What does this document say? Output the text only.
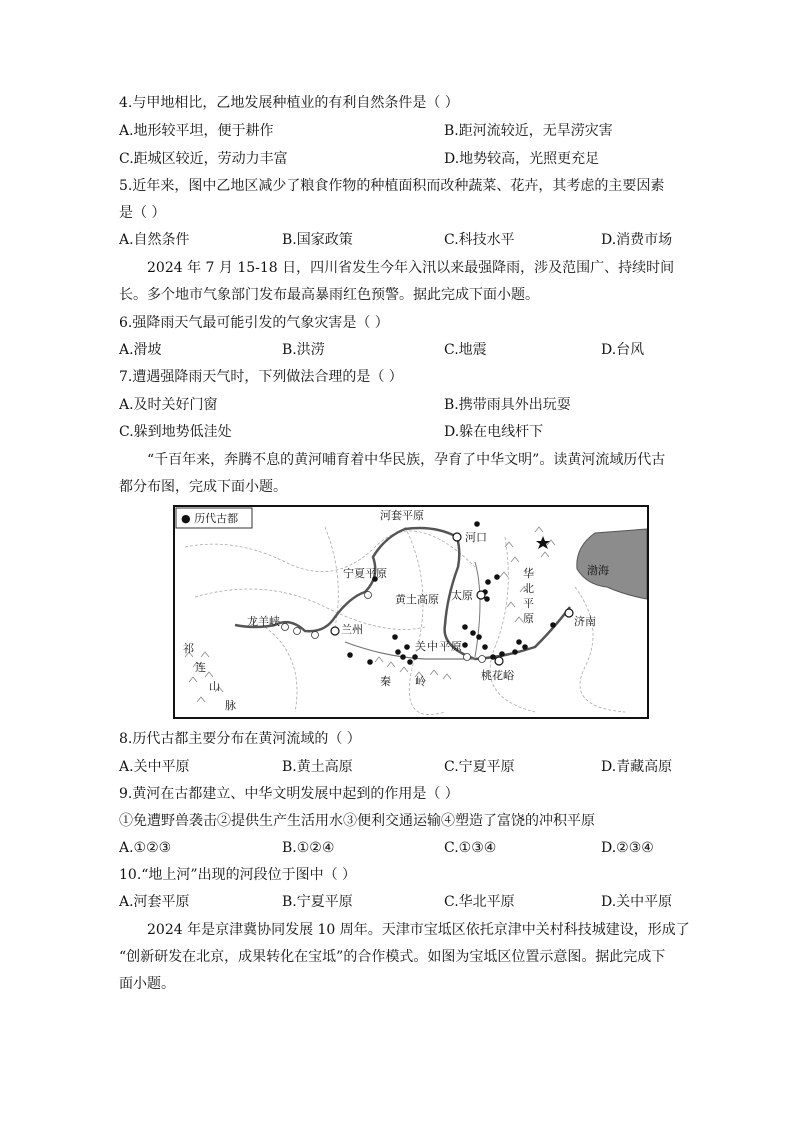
4.与甲地相比，乙地发展种植业的有利自然条件是（ ）
A.地形较平坦，便于耕作	B.距河流较近，无旱涝灾害
C.距城区较近，劳动力丰富	D.地势较高，光照更充足
5.近年来，图中乙地区减少了粮食作物的种植面积而改种蔬菜、花卉，其考虑的主要因素
是（ ）
A.自然条件	B.国家政策	C.科技水平	D.消费市场
2024 年 7 月 15-18 日，四川省发生今年入汛以来最强降雨，涉及范围广、持续时间
长。多个地市气象部门发布最高暴雨红色预警。据此完成下面小题。
6.强降雨天气最可能引发的气象灾害是（ ）
A.滑坡	B.洪涝	C.地震	D.台风
7.遭遇强降雨天气时，下列做法合理的是（ ）
A.及时关好门窗	B.携带雨具外出玩耍
C.躲到地势低洼处	D.躲在电线杆下
“千百年来，奔腾不息的黄河哺育着中华民族，孕育了中华文明”。读黄河流域历代古
都分布图，完成下面小题。
● 历代古都	河套平原
河口
宁夏平原
黄土高原 太原
华
北
平
原
渤海
济南
龙羊峡
兰州
关 中 平 原
秦 岭	桃花峪
祁
连
山
脉
8.历代古都主要分布在黄河流域的（ ）
A.关中平原	B.黄土高原	C.宁夏平原	D.青藏高原
9.黄河在古都建立、中华文明发展中起到的作用是（ ）
①免遭野兽袭击②提供生产生活用水③便利交通运输④塑造了富饶的冲积平原
A.①②③	B.①②④	C.①③④	D.②③④
10.“地上河”出现的河段位于图中（ ）
A.河套平原	B.宁夏平原	C.华北平原	D.关中平原
2024 年是京津冀协同发展 10 周年。天津市宝坻区依托京津中关村科技城建设，形成了
“创新研发在北京，成果转化在宝坻”的合作模式。如图为宝坻区位置示意图。据此完成下
面小题。
